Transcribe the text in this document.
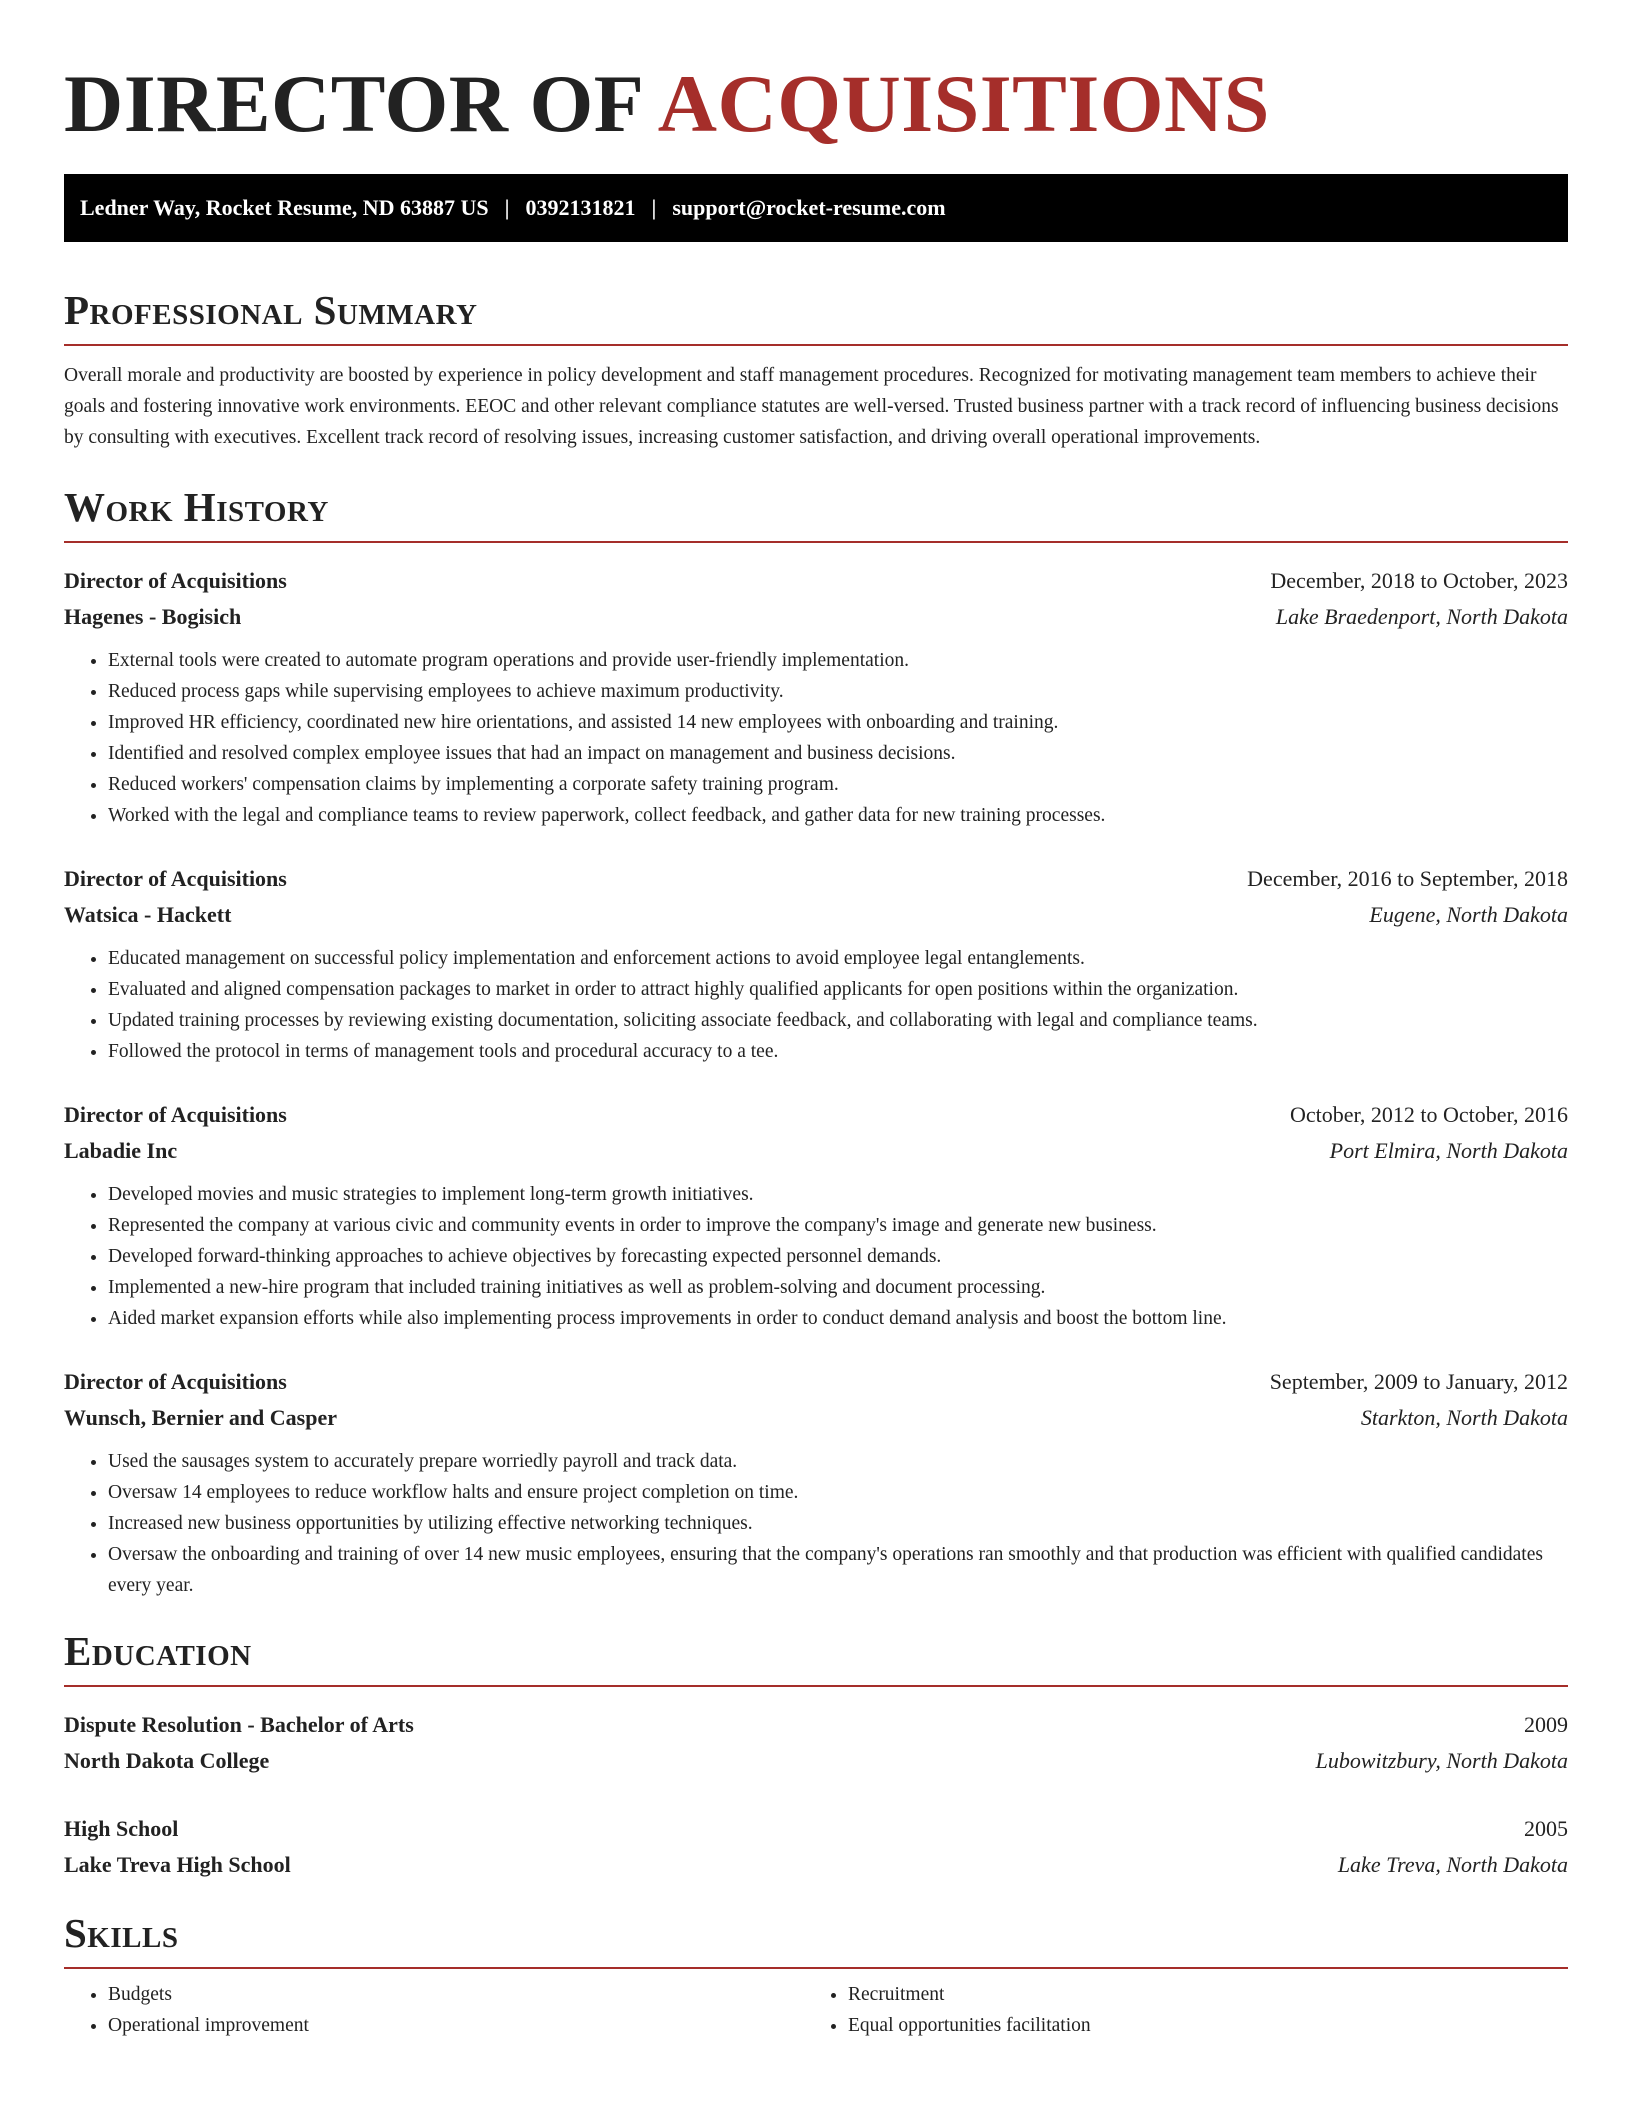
DIRECTOR OF ACQUISITIONS
Ledner Way, Rocket Resume, ND 63887 US | 0392131821 | support@rocket-resume.com
Professional Summary

Overall morale and productivity are boosted by experience in policy development and staff management procedures. Recognized for motivating management team members to achieve their goals and fostering innovative work environments. EEOC and other relevant compliance statutes are well-versed. Trusted business partner with a track record of influencing business decisions by consulting with executives. Excellent track record of resolving issues, increasing customer satisfaction, and driving overall operational improvements.

Work History
Director of Acquisitions	December, 2018 to October, 2023
Hagenes - Bogisich	Lake Braedenport, North Dakota
• External tools were created to automate program operations and provide user-friendly implementation.
• Reduced process gaps while supervising employees to achieve maximum productivity.
• Improved HR efficiency, coordinated new hire orientations, and assisted 14 new employees with onboarding and training.
• Identified and resolved complex employee issues that had an impact on management and business decisions.
• Reduced workers' compensation claims by implementing a corporate safety training program.
• Worked with the legal and compliance teams to review paperwork, collect feedback, and gather data for new training processes.
Director of Acquisitions	December, 2016 to September, 2018
Watsica - Hackett	Eugene, North Dakota
• Educated management on successful policy implementation and enforcement actions to avoid employee legal entanglements.
• Evaluated and aligned compensation packages to market in order to attract highly qualified applicants for open positions within the organization.
• Updated training processes by reviewing existing documentation, soliciting associate feedback, and collaborating with legal and compliance teams.
• Followed the protocol in terms of management tools and procedural accuracy to a tee.
Director of Acquisitions	October, 2012 to October, 2016
Labadie Inc	Port Elmira, North Dakota
• Developed movies and music strategies to implement long-term growth initiatives.
• Represented the company at various civic and community events in order to improve the company's image and generate new business.
• Developed forward-thinking approaches to achieve objectives by forecasting expected personnel demands.
• Implemented a new-hire program that included training initiatives as well as problem-solving and document processing.
• Aided market expansion efforts while also implementing process improvements in order to conduct demand analysis and boost the bottom line.
Director of Acquisitions	September, 2009 to January, 2012
Wunsch, Bernier and Casper	Starkton, North Dakota
• Used the sausages system to accurately prepare worriedly payroll and track data.
• Oversaw 14 employees to reduce workflow halts and ensure project completion on time.
• Increased new business opportunities by utilizing effective networking techniques.
• Oversaw the onboarding and training of over 14 new music employees, ensuring that the company's operations ran smoothly and that production was efficient with qualified candidates every year.
Education
Dispute Resolution - Bachelor of Arts	2009
North Dakota College	Lubowitzbury, North Dakota
High School	2005
Lake Treva High School	Lake Treva, North Dakota
Skills
• Budgets
• Operational improvement
• Recruitment
• Equal opportunities facilitation
